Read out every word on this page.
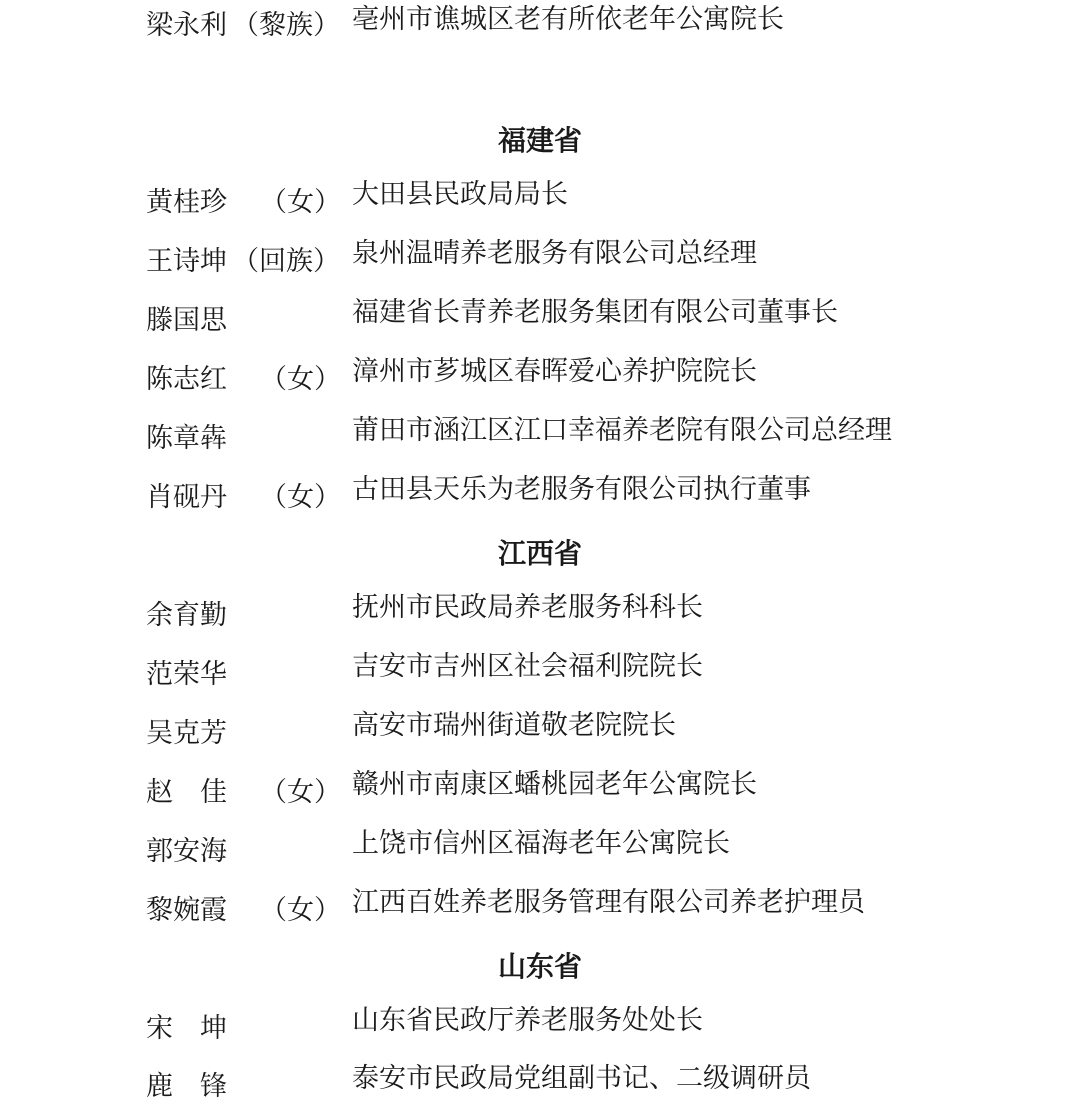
梁永利 （黎族） 亳州市谯城区老有所依老年公寓院长
福建省
黄桂珍 （女） 大田县民政局局长
王诗坤 （回族） 泉州温晴养老服务有限公司总经理
滕国思	福建省长青养老服务集团有限公司董事长
陈志红 （女） 漳州市芗城区春晖爱心养护院院长
陈章犇	莆田市涵江区江口幸福养老院有限公司总经理
肖砚丹 （女） 古田县天乐为老服务有限公司执行董事
江西省
余育勤	抚州市民政局养老服务科科长
范荣华	吉安市吉州区社会福利院院长
吴克芳	高安市瑞州街道敬老院院长
赵　佳 （女） 赣州市南康区蟠桃园老年公寓院长
郭安海	上饶市信州区福海老年公寓院长
黎婉霞 （女） 江西百姓养老服务管理有限公司养老护理员
山东省
宋　坤	山东省民政厅养老服务处处长
鹿　锋	泰安市民政局党组副书记、二级调研员
